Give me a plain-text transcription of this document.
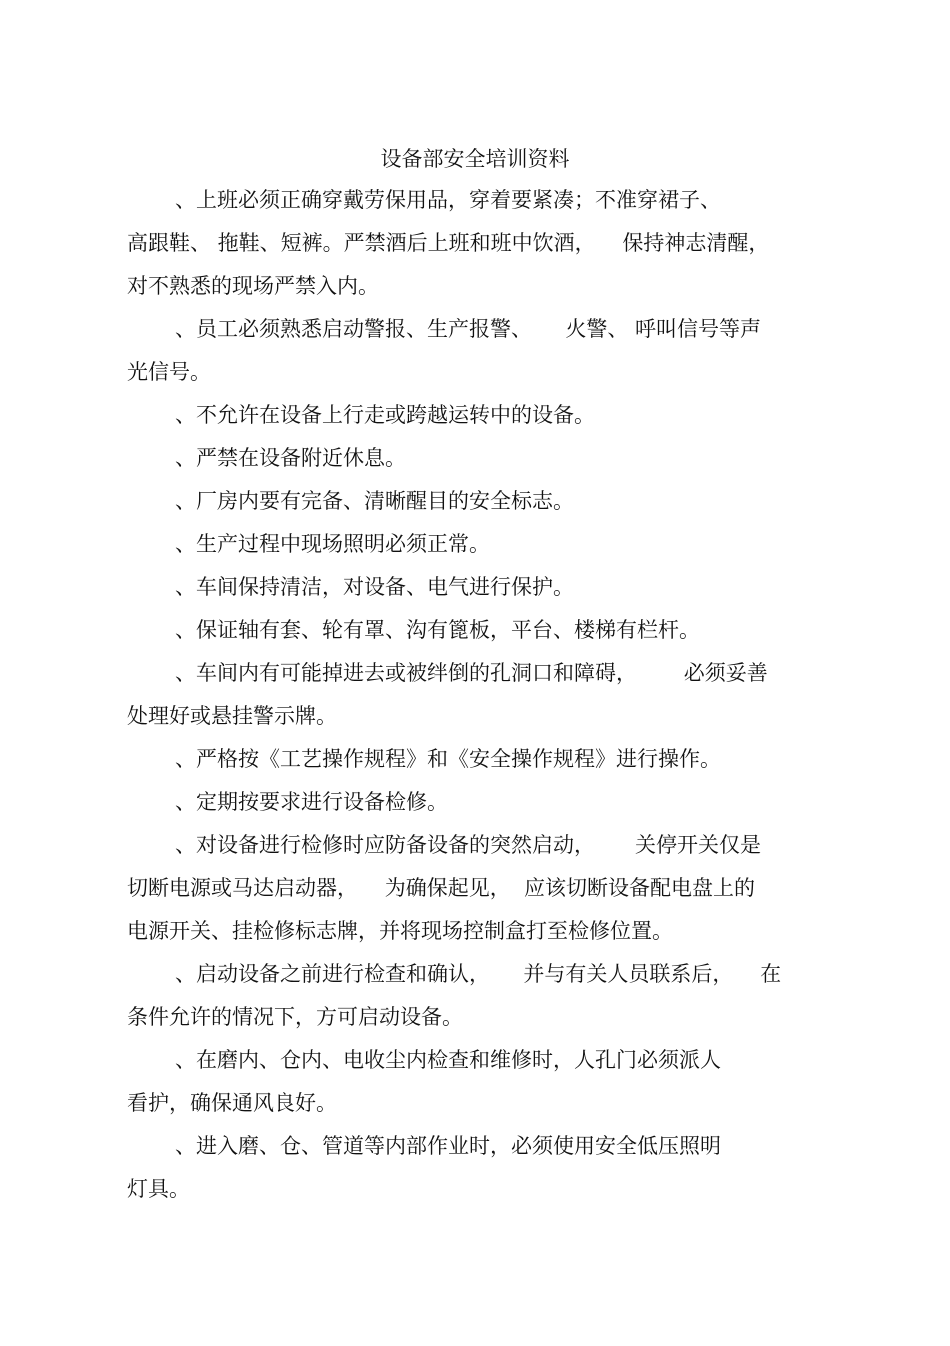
设备部安全培训资料
、上班必须正确穿戴劳保用品，穿着要紧凑；不准穿裙子、
高跟鞋、 拖鞋、短裤。严禁酒后上班和班中饮酒，    保持神志清醒，
对不熟悉的现场严禁入内。
、员工必须熟悉启动警报、生产报警、     火警、 呼叫信号等声
光信号。
、不允许在设备上行走或跨越运转中的设备。
、严禁在设备附近休息。
、厂房内要有完备、清晰醒目的安全标志。
、生产过程中现场照明必须正常。
、车间保持清洁，对设备、电气进行保护。
、保证轴有套、轮有罩、沟有篦板，平台、楼梯有栏杆。
、车间内有可能掉进去或被绊倒的孔洞口和障碍，       必须妥善
处理好或悬挂警示牌。
、严格按《工艺操作规程》和《安全操作规程》进行操作。
、定期按要求进行设备检修。
、对设备进行检修时应防备设备的突然启动，      关停开关仅是
切断电源或马达启动器，    为确保起见，  应该切断设备配电盘上的
电源开关、挂检修标志牌，并将现场控制盒打至检修位置。
、启动设备之前进行检查和确认，     并与有关人员联系后，    在
条件允许的情况下，方可启动设备。
、在磨内、仓内、电收尘内检查和维修时，人孔门必须派人
看护，确保通风良好。
、进入磨、仓、管道等内部作业时，必须使用安全低压照明
灯具。
